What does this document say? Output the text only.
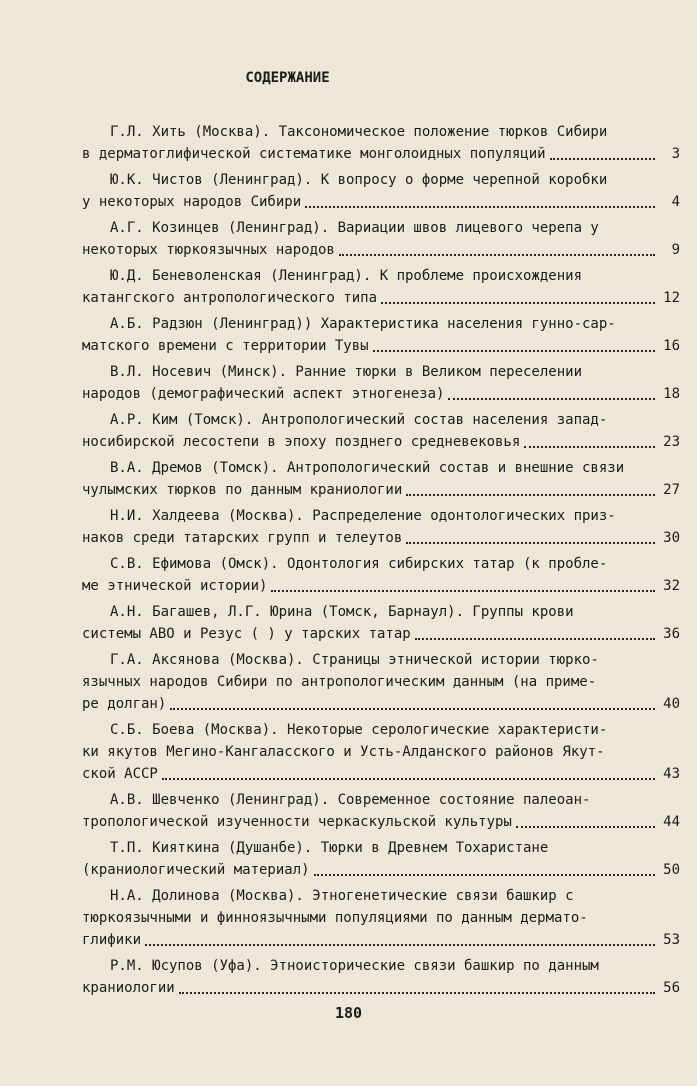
СОДЕРЖАНИЕ
Г.Л. Хить (Москва). Таксономическое положение тюрков Сибири
в дерматоглифической систематике монголоидных популяций	3
Ю.К. Чистов (Ленинград). К вопросу о форме черепной коробки
у некоторых народов Сибири	4
А.Г. Козинцев (Ленинград). Вариации швов лицевого черепа у
некоторых тюркоязычных народов	9
Ю.Д. Беневоленская (Ленинград). К проблеме происхождения
катангского антропологического типа	12
А.Б. Радзюн (Ленинград)) Характеристика населения гунно-сар-
матского времени с территории Тувы	16
В.Л. Носевич (Минск). Ранние тюрки в Великом переселении
народов (демографический аспект этногенеза)	18
А.Р. Ким (Томск). Антропологический состав населения запад-
носибирской лесостепи в эпоху позднего средневековья	23
В.А. Дремов (Томск). Антропологический состав и внешние связи
чулымских тюрков по данным краниологии	27
Н.И. Халдеева (Москва). Распределение одонтологических приз-
наков среди татарских групп и телеутов	30
С.В. Ефимова (Омск). Одонтология сибирских татар (к пробле-
ме этнической истории)	32
А.Н. Багашев, Л.Г. Юрина (Томск, Барнаул). Группы крови
системы АВО и Резус ( ) у тарских татар	36
Г.А. Аксянова (Москва). Страницы этнической истории тюрко-
язычных народов Сибири по антропологическим данным (на приме-
ре долган)	40
С.Б. Боева (Москва). Некоторые серологические характеристи-
ки якутов Мегино-Кангаласского и Усть-Алданского районов Якут-
ской АССР	43
А.В. Шевченко (Ленинград). Современное состояние палеоан-
тропологической изученности черкаскульской культуры	44
Т.П. Кияткина (Душанбе). Тюрки в Древнем Тохаристане
(краниологический материал)	50
Н.А. Долинова (Москва). Этногенетические связи башкир с
тюркоязычными и финноязычными популяциями по данным дермато-
глифики	53
Р.М. Юсупов (Уфа). Этноисторические связи башкир по данным
краниологии	56
180
